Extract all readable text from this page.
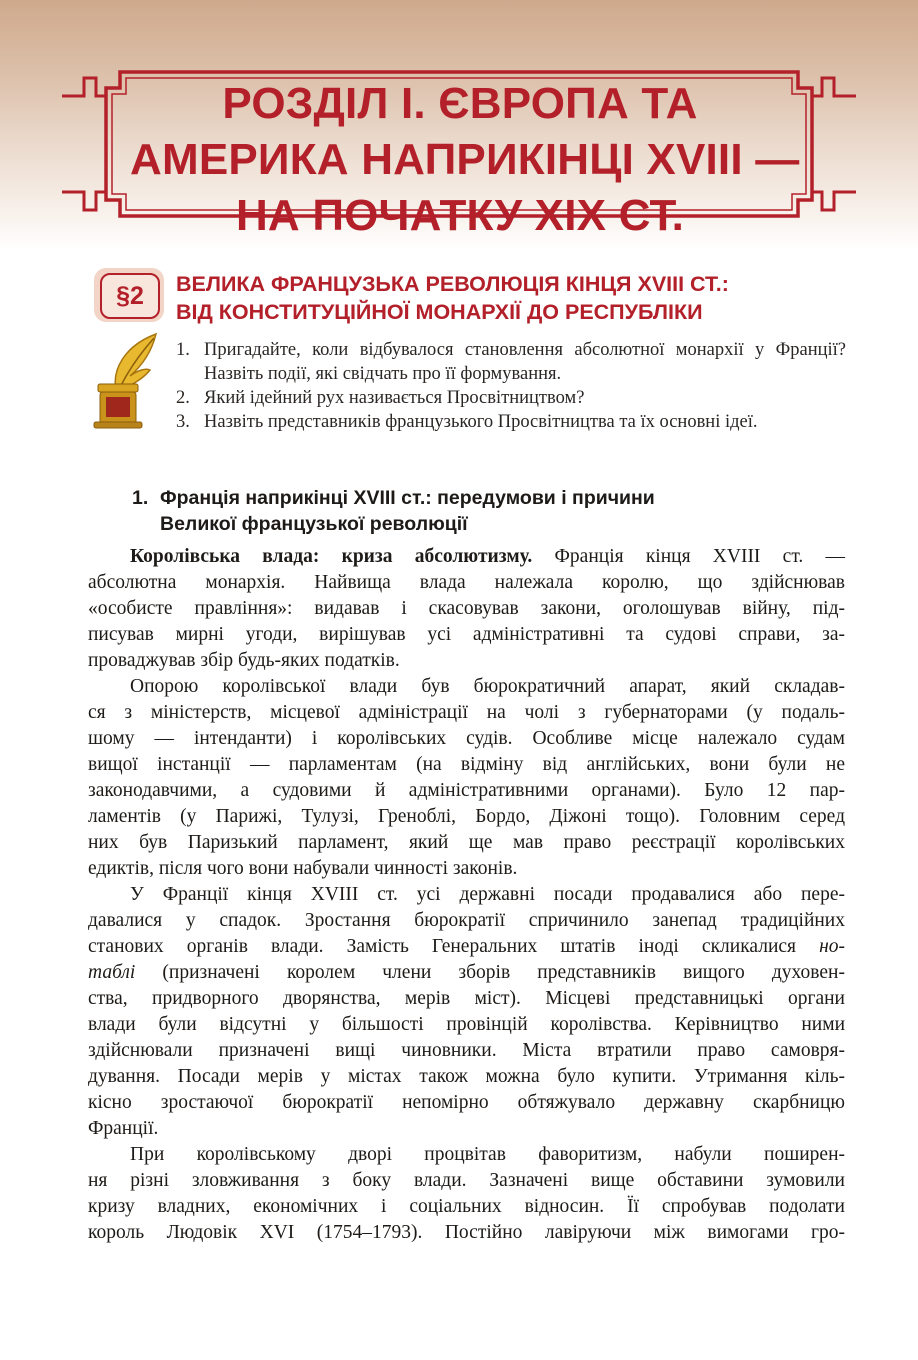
РОЗДІЛ І. ЄВРОПА ТА
АМЕРИКА НАПРИКІНЦІ XVIII —
НА ПОЧАТКУ XIX СТ.
§2	ВЕЛИКА ФРАНЦУЗЬКА РЕВОЛЮЦІЯ КІНЦЯ XVIII СТ.:
ВІД КОНСТИТУЦІЙНОЇ МОНАРХІЇ ДО РЕСПУБЛІКИ
1. Пригадайте, коли відбувалося становлення абсолютної монархії у Франції? Назвіть події, які свідчать про її формування.
2. Який ідейний рух називається Просвітництвом?
3. Назвіть представників французького Просвітництва та їх основні ідеї.
1. Франція наприкінці XVIII ст.: передумови і причини
Великої французької революції
Королівська влада: криза абсолютизму. Франція кінця XVIII ст. —
абсолютна монархія. Найвища влада належала королю, що здійснював
«особисте правління»: видавав і скасовував закони, оголошував війну, під-
писував мирні угоди, вирішував усі адміністративні та судові справи, за-
проваджував збір будь-яких податків.
Опорою королівської влади був бюрократичний апарат, який складав-
ся з міністерств, місцевої адміністрації на чолі з губернаторами (у подаль-
шому — інтенданти) і королівських судів. Особливе місце належало судам
вищої інстанції — парламентам (на відміну від англійських, вони були не
законодавчими, а судовими й адміністративними органами). Було 12 пар-
ламентів (у Парижі, Тулузі, Греноблі, Бордо, Діжоні тощо). Головним серед
них був Паризький парламент, який ще мав право реєстрації королівських
едиктів, після чого вони набували чинності законів.
У Франції кінця XVIII ст. усі державні посади продавалися або пере-
давалися у спадок. Зростання бюрократії спричинило занепад традиційних
станових органів влади. Замість Генеральних штатів іноді скликалися но-
таблі (призначені королем члени зборів представників вищого духовен-
ства, придворного дворянства, мерів міст). Місцеві представницькі органи
влади були відсутні у більшості провінцій королівства. Керівництво ними
здійснювали призначені вищі чиновники. Міста втратили право самовря-
дування. Посади мерів у містах також можна було купити. Утримання кіль-
кісно зростаючої бюрократії непомірно обтяжувало державну скарбницю
Франції.
При королівському дворі процвітав фаворитизм, набули поширен-
ня різні зловживання з боку влади. Зазначені вище обставини зумовили
кризу владних, економічних і соціальних відносин. Її спробував подолати
король Людовік XVI (1754–1793). Постійно лавіруючи між вимогами гро-
